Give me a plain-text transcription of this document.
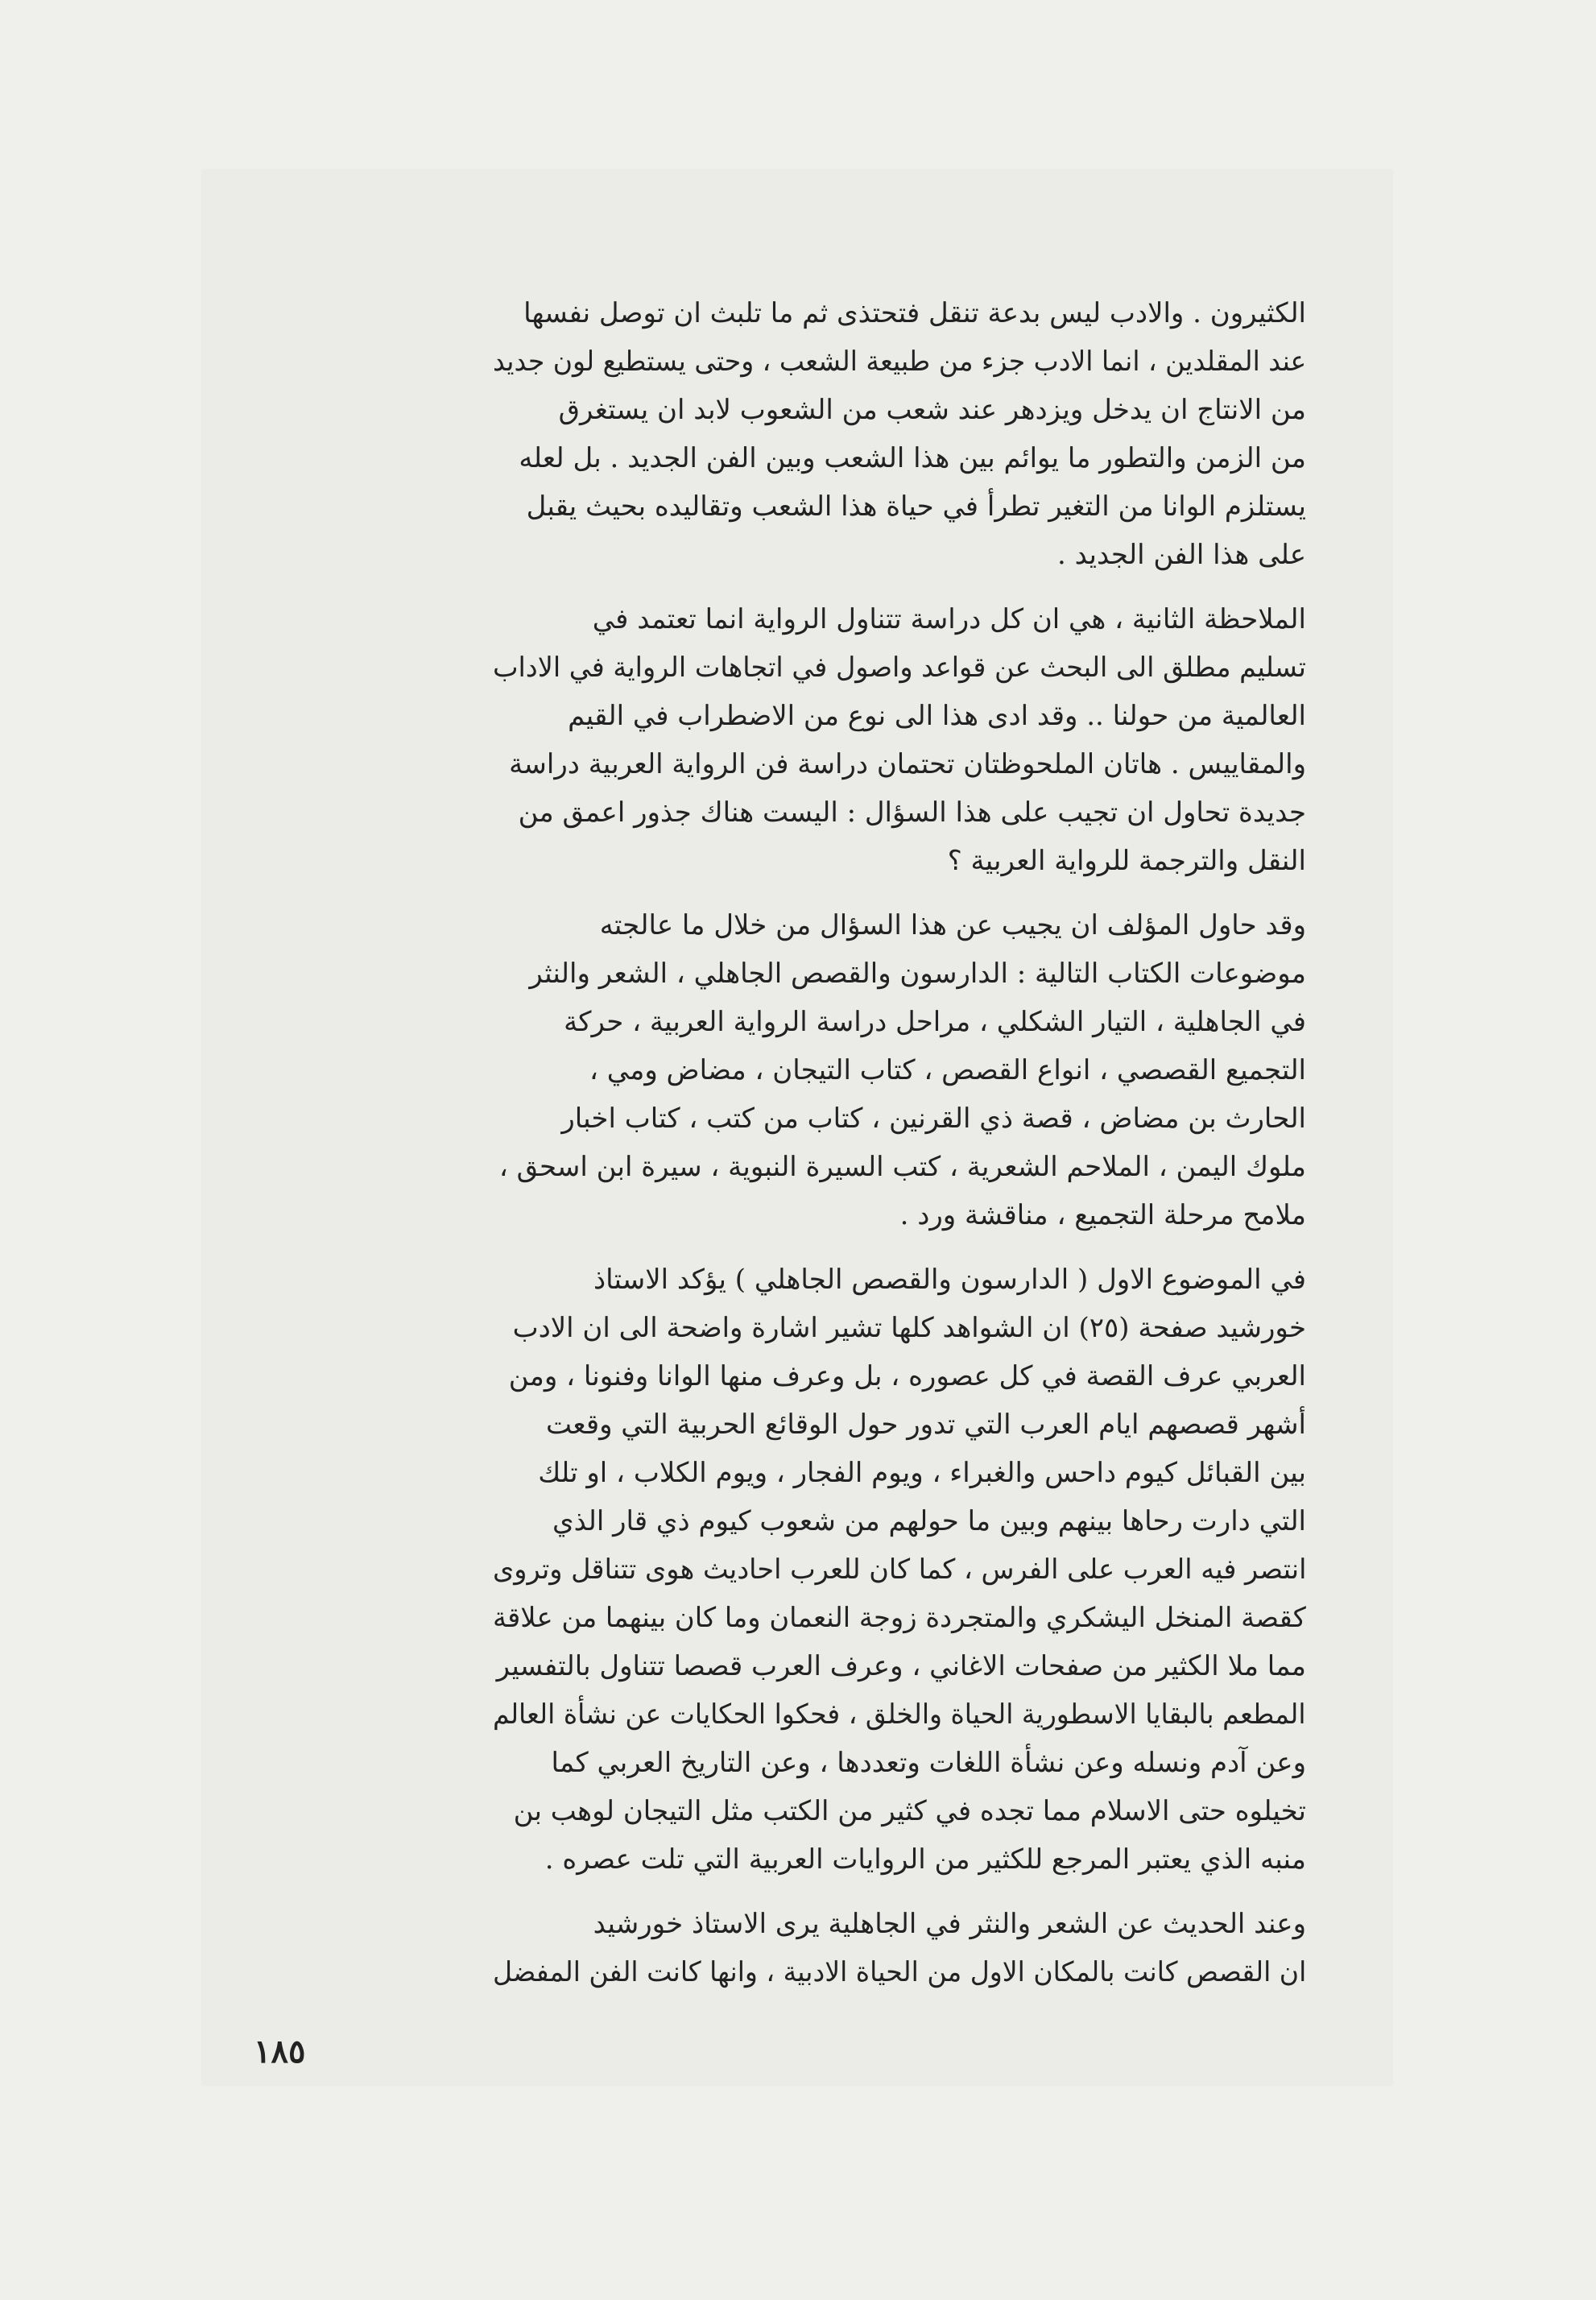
الكثيرون . والادب ليس بدعة تنقل فتحتذى ثم ما تلبث ان توصل نفسها
عند المقلدين ، انما الادب جزء من طبيعة الشعب ، وحتى يستطيع لون جديد
من الانتاج ان يدخل ويزدهر عند شعب من الشعوب لابد ان يستغرق
من الزمن والتطور ما يوائم بين هذا الشعب وبين الفن الجديد . بل لعله
يستلزم الوانا من التغير تطرأ في حياة هذا الشعب وتقاليده بحيث يقبل
على هذا الفن الجديد .
الملاحظة الثانية ، هي ان كل دراسة تتناول الرواية انما تعتمد في
تسليم مطلق الى البحث عن قواعد واصول في اتجاهات الرواية في الاداب
العالمية من حولنا .. وقد ادى هذا الى نوع من الاضطراب في القيم
والمقاييس . هاتان الملحوظتان تحتمان دراسة فن الرواية العربية دراسة
جديدة تحاول ان تجيب على هذا السؤال : اليست هناك جذور اعمق من
النقل والترجمة للرواية العربية ؟
وقد حاول المؤلف ان يجيب عن هذا السؤال من خلال ما عالجته
موضوعات الكتاب التالية : الدارسون والقصص الجاهلي ، الشعر والنثر
في الجاهلية ، التيار الشكلي ، مراحل دراسة الرواية العربية ، حركة
التجميع القصصي ، انواع القصص ، كتاب التيجان ، مضاض ومي ،
الحارث بن مضاض ، قصة ذي القرنين ، كتاب من كتب ، كتاب اخبار
ملوك اليمن ، الملاحم الشعرية ، كتب السيرة النبوية ، سيرة ابن اسحق ،
ملامح مرحلة التجميع ، مناقشة ورد .
في الموضوع الاول ( الدارسون والقصص الجاهلي ) يؤكد الاستاذ
خورشيد صفحة (٢٥) ان الشواهد كلها تشير اشارة واضحة الى ان الادب
العربي عرف القصة في كل عصوره ، بل وعرف منها الوانا وفنونا ، ومن
أشهر قصصهم ايام العرب التي تدور حول الوقائع الحربية التي وقعت
بين القبائل كيوم داحس والغبراء ، ويوم الفجار ، ويوم الكلاب ، او تلك
التي دارت رحاها بينهم وبين ما حولهم من شعوب كيوم ذي قار الذي
انتصر فيه العرب على الفرس ، كما كان للعرب احاديث هوى تتناقل وتروى
كقصة المنخل اليشكري والمتجردة زوجة النعمان وما كان بينهما من علاقة
مما ملا الكثير من صفحات الاغاني ، وعرف العرب قصصا تتناول بالتفسير
المطعم بالبقايا الاسطورية الحياة والخلق ، فحكوا الحكايات عن نشأة العالم
وعن آدم ونسله وعن نشأة اللغات وتعددها ، وعن التاريخ العربي كما
تخيلوه حتى الاسلام مما تجده في كثير من الكتب مثل التيجان لوهب بن
منبه الذي يعتبر المرجع للكثير من الروايات العربية التي تلت عصره .
وعند الحديث عن الشعر والنثر في الجاهلية يرى الاستاذ خورشيد
ان القصص كانت بالمكان الاول من الحياة الادبية ، وانها كانت الفن المفضل
١٨٥
